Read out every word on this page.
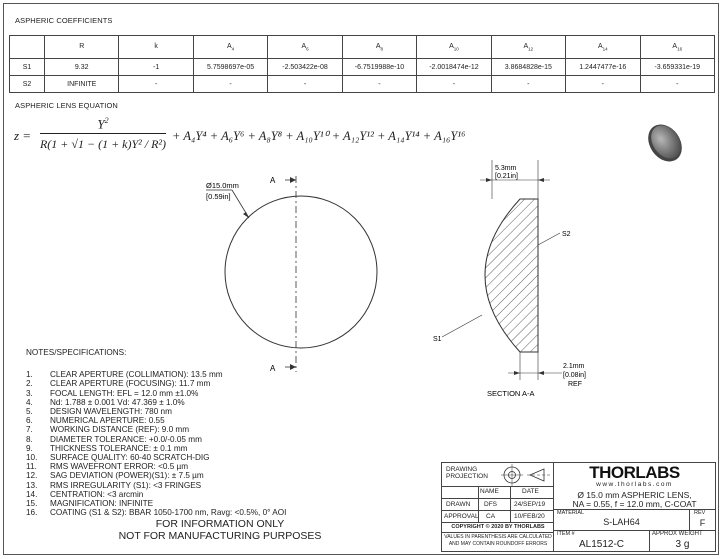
ASPHERIC COEFFICIENTS
	R	k	$A_4$	$A_6$	$A_8$	$A_{10}$	$A_{12}$	$A_{14}$	$A_{16}$
S1	9.32	-1	5.7598697e-05	-2.503422e-08	-6.7519988e-10	-2.0018474e-12	3.8684828e-15	1.2447477e-16	-3.659331e-19
S2	INFINITE	-	-	-	-	-	-	-	-
ASPHERIC LENS EQUATION
z =
$Y^2$
R(1 + √1 − (1 + k)Y² / R²)
+ A₄Y⁴ + A₆Y⁶ + A₈Y⁸ + A₁₀Y¹⁰ + A₁₂Y¹² + A₁₄Y¹⁴ + A₁₆Y¹⁶
Ø15.0mm
[0.59in]
A
A
5.3mm
[0.21in]
2.1mm
[0.08in]
REF
S2
S1
SECTION A-A
NOTES/SPECIFICATIONS:
1.	CLEAR APERTURE (COLLIMATION): 13.5 mm
2.	CLEAR APERTURE (FOCUSING): 11.7 mm
3.	FOCAL LENGTH: EFL = 12.0 mm ±1.0%
4.	Nd: 1.788 ± 0.001 Vd: 47.369 ± 1.0%
5.	DESIGN WAVELENGTH: 780 nm
6.	NUMERICAL APERTURE: 0.55
7.	WORKING DISTANCE (REF): 9.0 mm
8.	DIAMETER TOLERANCE: +0.0/-0.05 mm
9.	THICKNESS TOLERANCE: ± 0.1 mm
10.	SURFACE QUALITY: 60-40 SCRATCH-DIG
11.	RMS WAVEFRONT ERROR: <0.5 µm
12.	SAG DEVIATION (POWER)(S1): ± 7.5 µm
13.	RMS IRREGULARITY (S1): <3 FRINGES
14.	CENTRATION: <3 arcmin
15.	MAGNIFICATION: INFINITE
16.	COATING (S1 & S2): BBAR 1050-1700 nm, Ravg: <0.5%, 0° AOI
FOR INFORMATION ONLY
NOT FOR MANUFACTURING PURPOSES
DRAWING PROJECTION
NAME	DATE
DRAWN DFS	24/SEP/19
APPROVAL CA	10/FEB/20
COPYRIGHT © 2020 BY THORLABS
VALUES IN PARENTHESIS ARE CALCULATED AND MAY CONTAIN ROUNDOFF ERRORS
THORLABS
www.thorlabs.com
Ø 15.0 mm ASPHERIC LENS,
NA = 0.55, f = 12.0 mm, C-COAT
MATERIAL
S-LAH64
REV
F
ITEM #
AL1512-C
APPROX WEIGHT
3 g
